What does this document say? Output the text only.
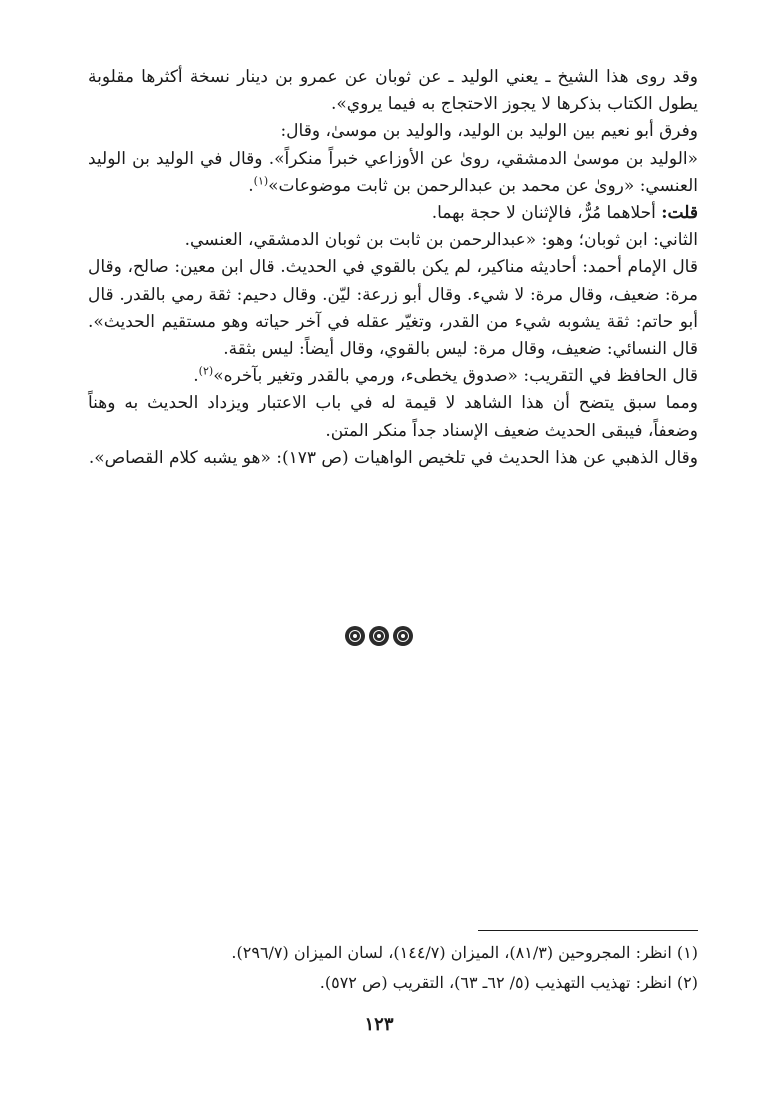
وقد روى هذا الشيخ ـ يعني الوليد ـ عن ثوبان عن عمرو بن دينار نسخة أكثرها مقلوبة يطول الكتاب بذكرها لا يجوز الاحتجاج به فيما يروي».

وفرق أبو نعيم بين الوليد بن الوليد، والوليد بن موسىٰ، وقال:

«الوليد بن موسىٰ الدمشقي، روىٰ عن الأوزاعي خبراً منكراً». وقال في الوليد بن الوليد العنسي: «روىٰ عن محمد بن عبدالرحمن بن ثابت موضوعات»$^{(١)}$.

قلت: أحلاهما مُرٌّ، فالإثنان لا حجة بهما.

الثاني: ابن ثوبان؛ وهو: «عبدالرحمن بن ثابت بن ثوبان الدمشقي، العنسي.

قال الإمام أحمد: أحاديثه مناكير، لم يكن بالقوي في الحديث. قال ابن معين: صالح، وقال مرة: ضعيف، وقال مرة: لا شيء. وقال أبو زرعة: ليّن. وقال دحيم: ثقة رمي بالقدر. قال أبو حاتم: ثقة يشوبه شيء من القدر، وتغيّر عقله في آخر حياته وهو مستقيم الحديث». قال النسائي: ضعيف، وقال مرة: ليس بالقوي، وقال أيضاً: ليس بثقة.

قال الحافظ في التقريب: «صدوق يخطىء، ورمي بالقدر وتغير بآخره»$^{(٢)}$.

ومما سبق يتضح أن هذا الشاهد لا قيمة له في باب الاعتبار ويزداد الحديث به وهناً وضعفاً، فيبقى الحديث ضعيف الإسناد جداً منكر المتن.

وقال الذهبي عن هذا الحديث في تلخيص الواهيات (ص ١٧٣): «هو يشبه كلام القصاص».

(١) انظر: المجروحين (٨١/٣)، الميزان (١٤٤/٧)، لسان الميزان (٢٩٦/٧).

(٢) انظر: تهذيب التهذيب (٥/ ٦٢ـ ٦٣)، التقريب (ص ٥٧٢).

١٢٣
